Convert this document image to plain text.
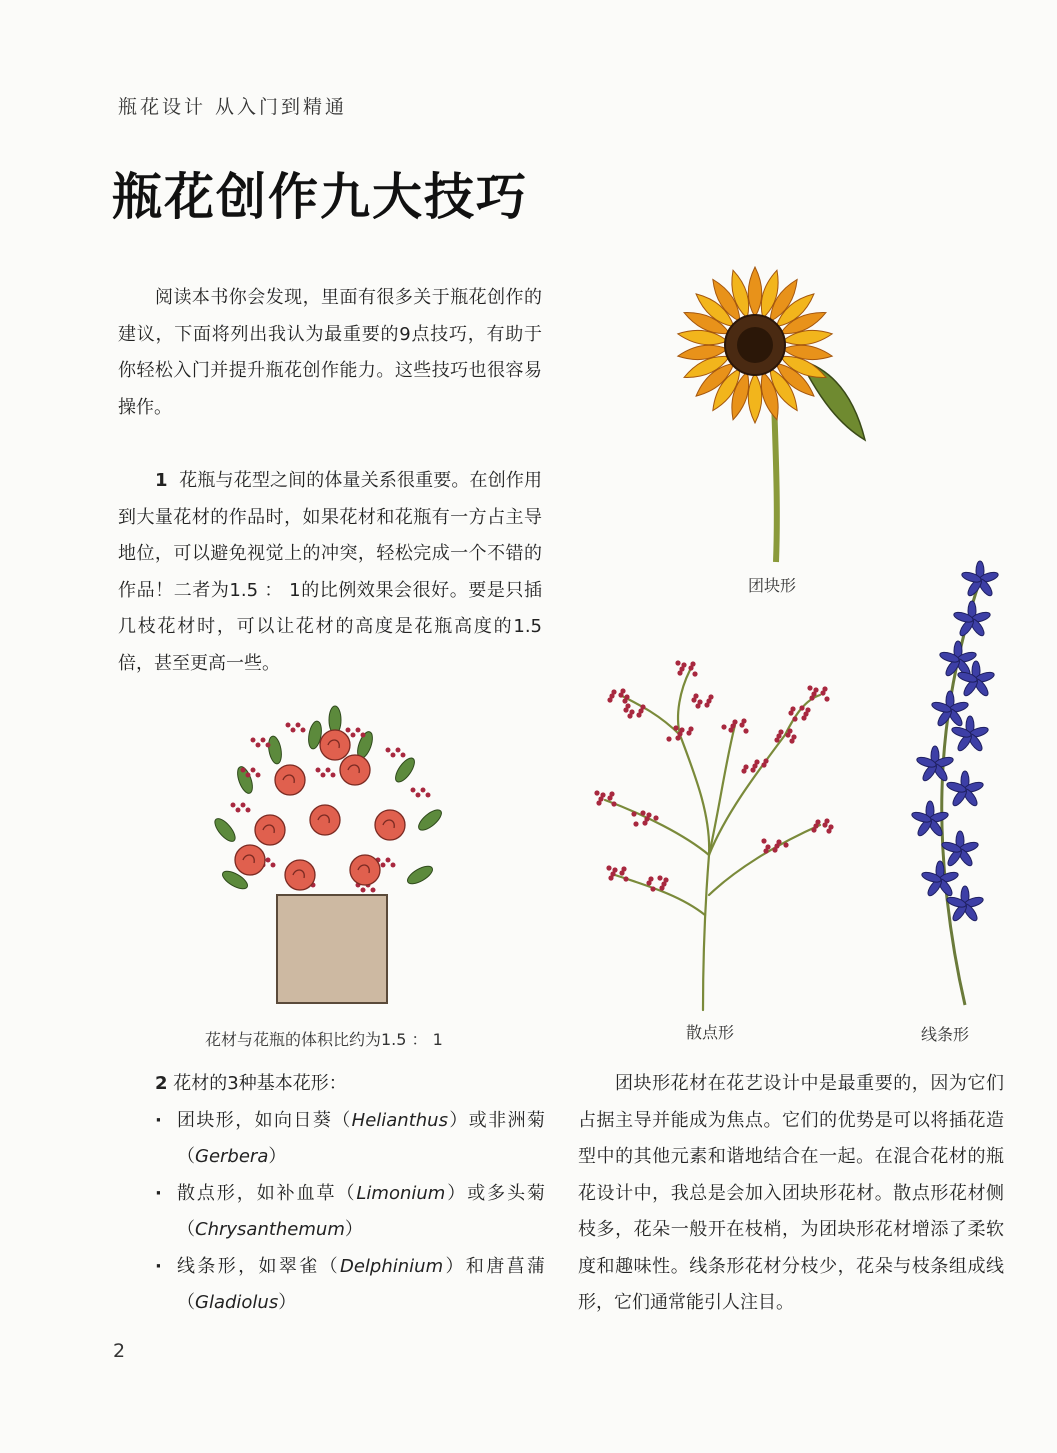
瓶花设计 从入门到精通
瓶花创作九大技巧

阅读本书你会发现，里面有很多关于瓶花创作的建议，下面将列出我认为最重要的9点技巧，有助于你轻松入门并提升瓶花创作能力。这些技巧也很容易操作。

1 花瓶与花型之间的体量关系很重要。在创作用到大量花材的作品时，如果花材和花瓶有一方占主导地位，可以避免视觉上的冲突，轻松完成一个不错的作品！二者为1.5 ： 1的比例效果会很好。要是只插几枝花材时，可以让花材的高度是花瓶高度的1.5倍，甚至更高一些。

团块形
散点形	线条形
花材与花瓶的体积比约为1.5 ： 1

2 花材的3种基本花形：

· 团块形，如向日葵（Helianthus）或非洲菊（Gerbera）
· 散点形，如补血草（Limonium）或多头菊（Chrysanthemum）
· 线条形，如翠雀（Delphinium）和唐菖蒲（Gladiolus）

团块形花材在花艺设计中是最重要的，因为它们占据主导并能成为焦点。它们的优势是可以将插花造型中的其他元素和谐地结合在一起。在混合花材的瓶花设计中，我总是会加入团块形花材。散点形花材侧枝多，花朵一般开在枝梢，为团块形花材增添了柔软度和趣味性。线条形花材分枝少，花朵与枝条组成线形，它们通常能引人注目。

2
